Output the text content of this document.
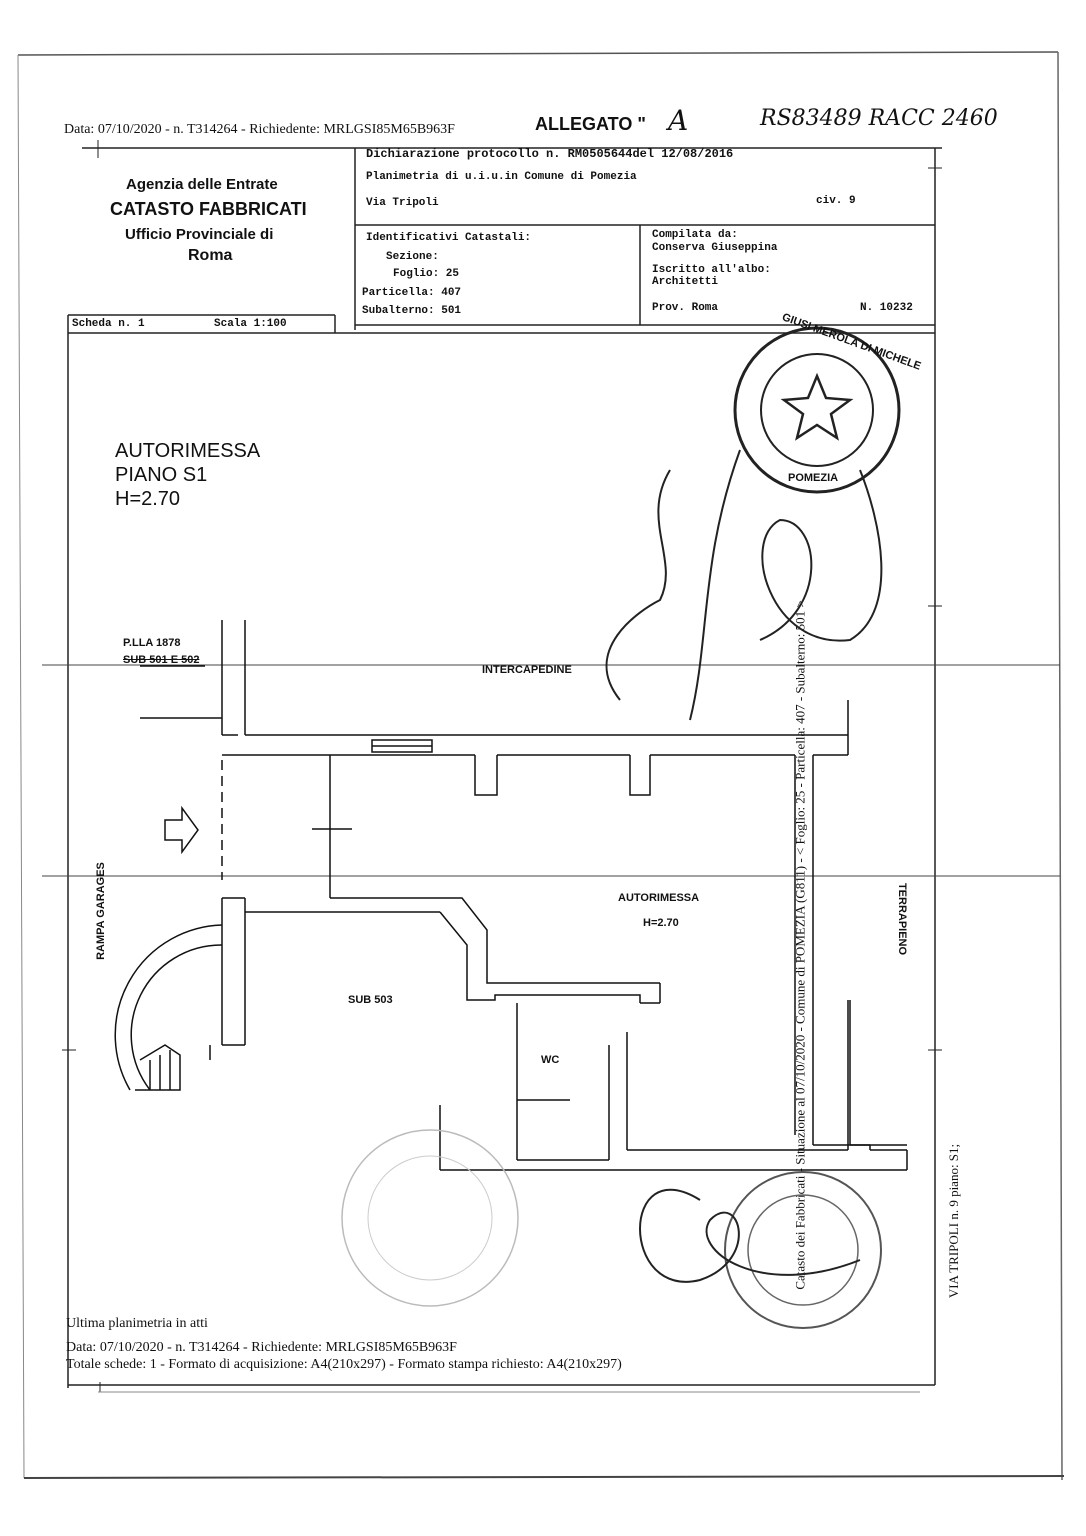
Data: 07/10/2020 - n. T314264 - Richiedente: MRLGSI85M65B963F	ALLEGATO " A	RS83489 RACC 2460
Agenzia delle Entrate
CATASTO FABBRICATI
Ufficio Provinciale di
Roma
Dichiarazione protocollo n. RM0505644del 12/08/2016
Planimetria di u.i.u.in Comune di Pomezia
Via Tripoli	civ. 9
Identificativi Catastali:
Sezione:
Foglio: 25
Particella: 407
Subalterno: 501
Compilata da:
Conserva Giuseppina
Iscritto all'albo:
Architetti
Prov. Roma	N. 10232
Scheda n. 1	Scala 1:100
AUTORIMESSA
PIANO S1
H=2.70
P.LLA 1878
SUB 501 E 502
INTERCAPEDINE
AUTORIMESSA
H=2.70
SUB 503
WC
RAMPA GARAGES	TERRAPIENO
Catasto dei Fabbricati - Situazione al 07/10/2020 - Comune di POMEZIA (G811) - < Foglio: 25 - Particella: 407 - Subalterno: 501 >	VIA TRIPOLI n. 9 piano: S1;
GIUSI MEROLA DI MICHELE
POMEZIA
Ultima planimetria in atti
Data: 07/10/2020 - n. T314264 - Richiedente: MRLGSI85M65B963F
Totale schede: 1 - Formato di acquisizione: A4(210x297) - Formato stampa richiesto: A4(210x297)
